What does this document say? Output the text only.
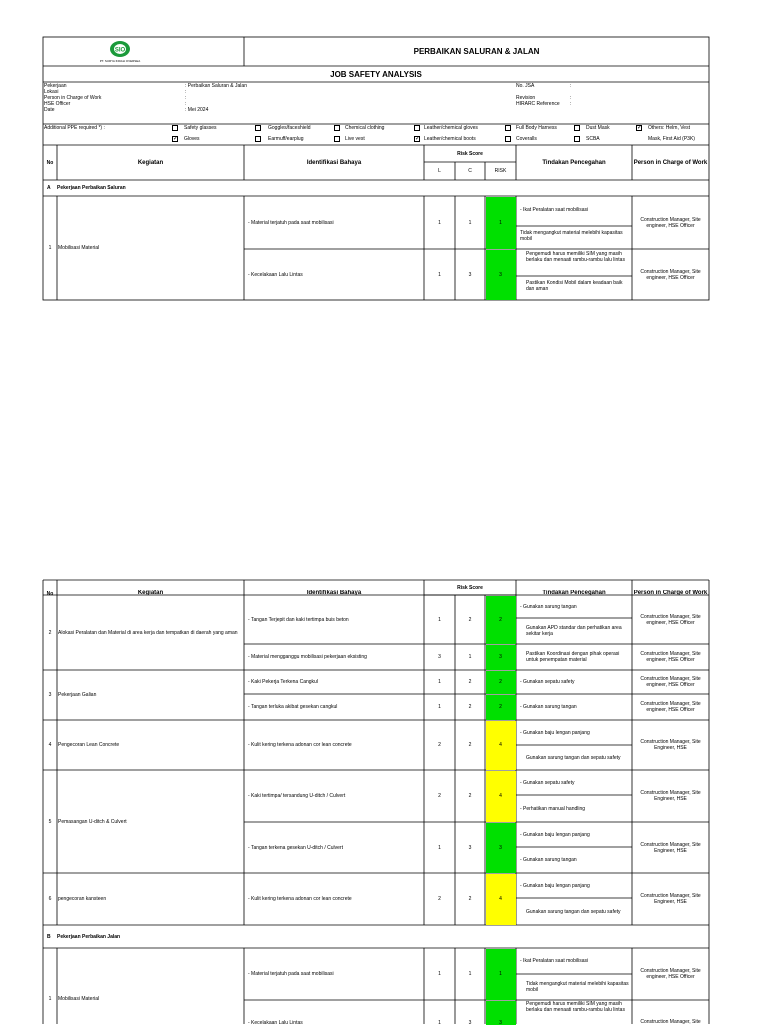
SIO
PT. SURYA INDAH OVERSEA
PERBAIKAN SALURAN & JALAN
JOB SAFETY ANALYSIS
Pekerjaan	: Perbaikan Saluran & Jalan
Lokasi	:
Person in Charge of Work	:
HSE Officer	:
Date	: Mei 2024
No. JSA	:
Revision	:
HIRARC Reference :
Additional PPE required *) :	Safety glasses	Goggles/faceshield	Chemical clothing	Leather/chemical gloves	Full Body Harness	Dust Mask	✓ Others: Helm, Vest
✓ Gloves	Earmuff/earplug	Live vest	✓ Leather/chemical boots	Coveralls	SCBA	Mask, First Aid (P3K)
No	Kegiatan	Identifikasi Bahaya
Risk Score
L	C	RISK
Tindakan Pencegahan	Person in Charge of Work
A	Pekerjaan Perbaikan Saluran
1	Mobilisasi Material
- Material terjatuh pada saat mobilisasi	1	1	1
- Ikat Peralatan saat mobilisasi
Tidak mengangkut material melebihi kapasitas mobil
Construction Manager, Site engineer, HSE Officer
- Kecelakaan Lalu Lintas	1	3	3
Pengemudi harus memiliki SIM yang masih berlaku dan menaati rambu-rambu lalu lintas
Pastikan Kondisi Mobil dalam keadaan baik dan aman
Construction Manager, Site engineer, HSE Officer
No	Kegiatan	Identifikasi Bahaya
Risk Score
Tindakan Pencegahan	Person in Charge of Work
2	Alokasi Peralatan dan Material di area kerja dan tempatkan di daerah yang aman
- Tangan Terjepit dan kaki tertimpa buis beton	1	2	2
- Gunakan sarung tangan
Gunakan APD standar dan perhatikan area sekitar kerja
Construction Manager, Site engineer, HSE Officer
- Material mengganggu mobilisasi pekerjaan eksisting	3	1	3	Pastikan Koordinasi dengan pihak operasi untuk penempatan material
Construction Manager, Site engineer, HSE Officer
3	Pekerjaan Galian
- Kaki Pekerja Terkena Cangkul	1	2	2	- Gunakan sepatu safety	Construction Manager, Site engineer, HSE Officer
- Tangan terluka akibat gesekan cangkul	1	2	2	- Gunakan sarung tangan	Construction Manager, Site engineer, HSE Officer
4	Pengecoran Lean Concrete	- Kulit kering terkena adonan cor lean concrete	2	2	4
- Gunakan baju lengan panjang
Gunakan sarung tangan dan sepatu safety
Construction Manager, Site Engineer, HSE
5	Pemasangan U-ditch & Culvert
- Kaki tertimpa/ tersandung U-ditch / Culvert	2	2	4
- Gunakan sepatu safety
- Perhatikan manual handling
Construction Manager, Site Engineer, HSE
- Tangan terkena gesekan U-ditch / Culvert	1	3	3
- Gunakan baju lengan panjang
- Gunakan sarung tangan
Construction Manager, Site Engineer, HSE
6	pengecoran kansteen	- Kulit kering terkena adonan cor lean concrete	2	2	4
- Gunakan baju lengan panjang
Gunakan sarung tangan dan sepatu safety
Construction Manager, Site Engineer, HSE
B	Pekerjaan Perbaikan Jalan
1	Mobilisasi Material
- Material terjatuh pada saat mobilisasi	1	1	1
- Ikat Peralatan saat mobilisasi
Tidak mengangkut material melebihi kapasitas mobil
Construction Manager, Site engineer, HSE Officer
- Kecelakaan Lalu Lintas	1	3	3
Pengemudi harus memiliki SIM yang masih berlaku dan menaati rambu-rambu lalu lintas
Construction Manager, Site
